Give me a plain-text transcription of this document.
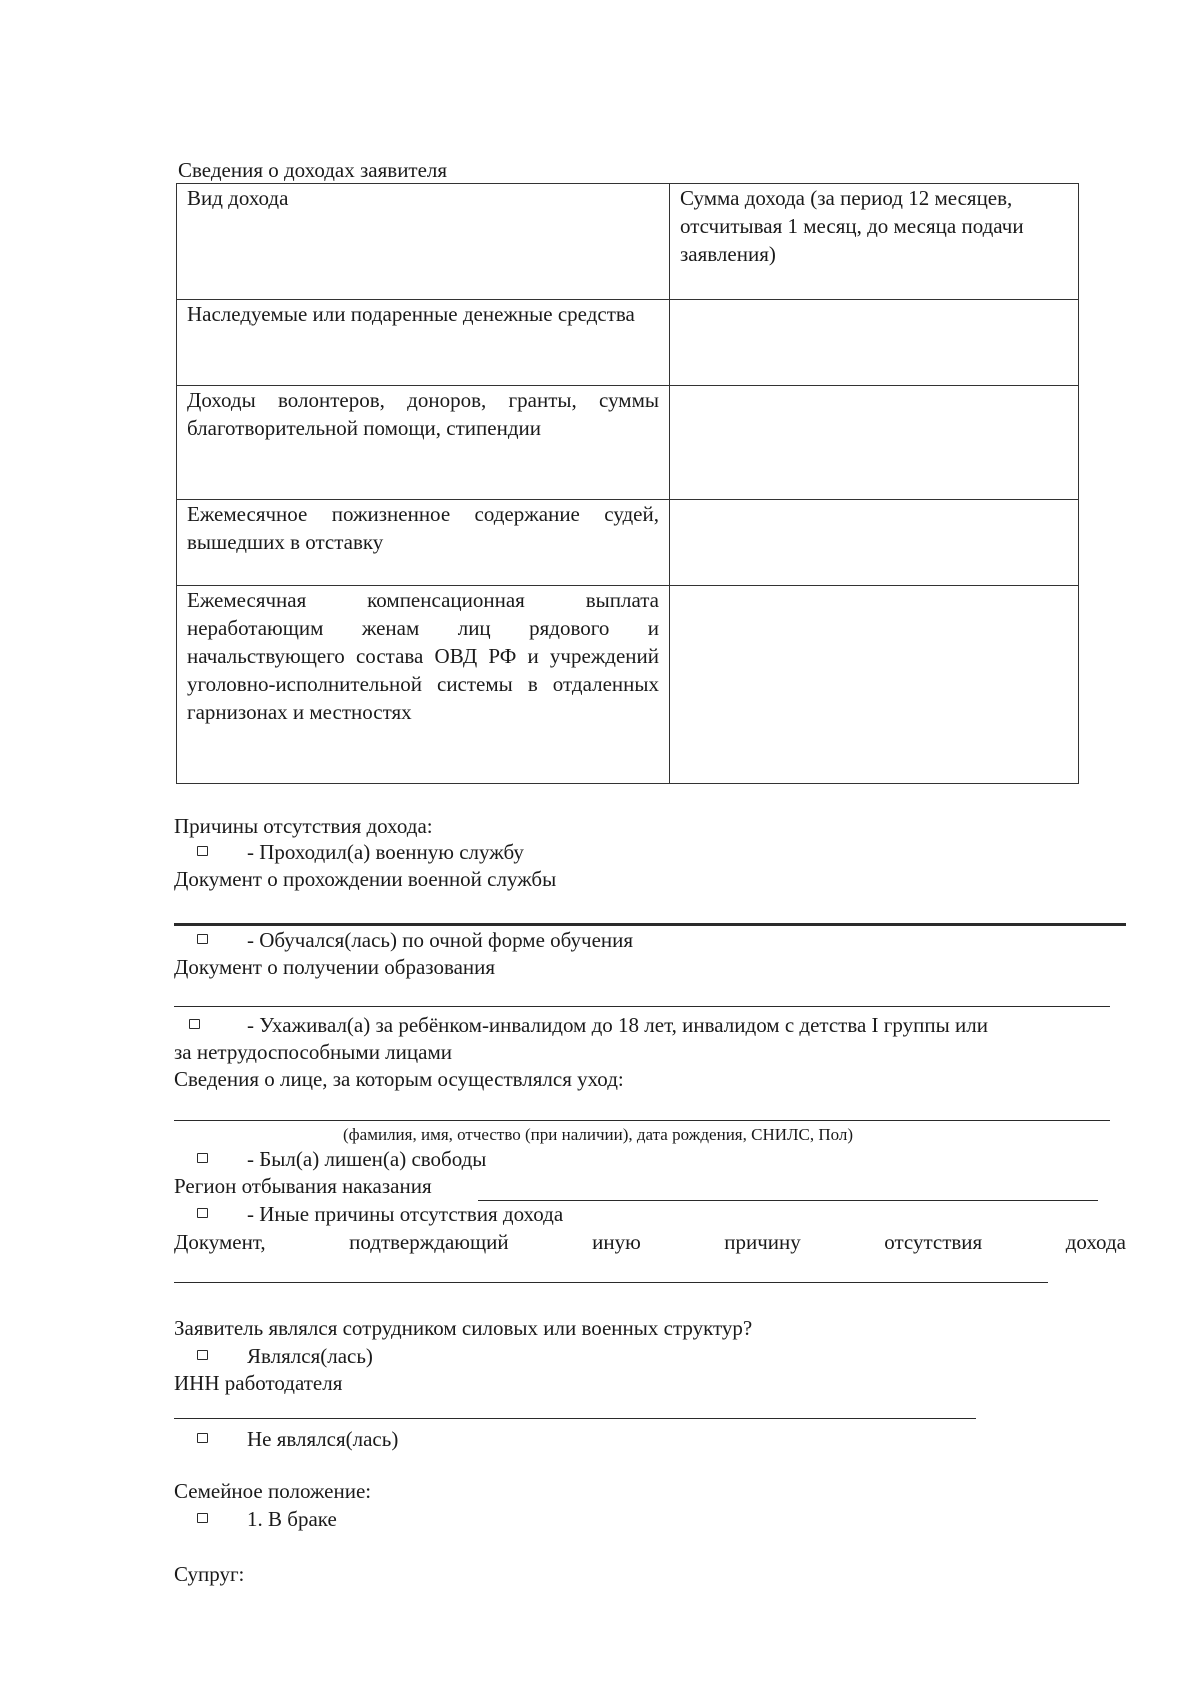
Сведения о доходах заявителя
Вид дохода	Сумма дохода (за период 12 месяцев, отсчитывая 1 месяц, до месяца подачи заявления)
Наследуемые или подаренные денежные средства	
Доходы волонтеров, доноров, гранты, суммы благотворительной помощи, стипендии	
Ежемесячное пожизненное содержание судей, вышедших в отставку	
Ежемесячная компенсационная выплата неработающим женам лиц рядового и начальствующего состава ОВД РФ и учреждений уголовно-исполнительной системы в отдаленных гарнизонах и местностях	
Причины отсутствия дохода:
- Проходил(а) военную службу
Документ о прохождении военной службы
- Обучался(лась) по очной форме обучения
Документ о получении образования
- Ухаживал(а) за ребёнком-инвалидом до 18 лет, инвалидом с детства I группы или
за нетрудоспособными лицами
Сведения о лице, за которым осуществлялся уход:
(фамилия, имя, отчество (при наличии), дата рождения, СНИЛС, Пол)
- Был(а) лишен(а) свободы
Регион отбывания наказания
- Иные причины отсутствия дохода
Документ,	подтверждающий	иную	причину	отсутствия	дохода
Заявитель являлся сотрудником силовых или военных структур?
Являлся(лась)
ИНН работодателя
Не являлся(лась)
Семейное положение:
1. В браке
Супруг:
